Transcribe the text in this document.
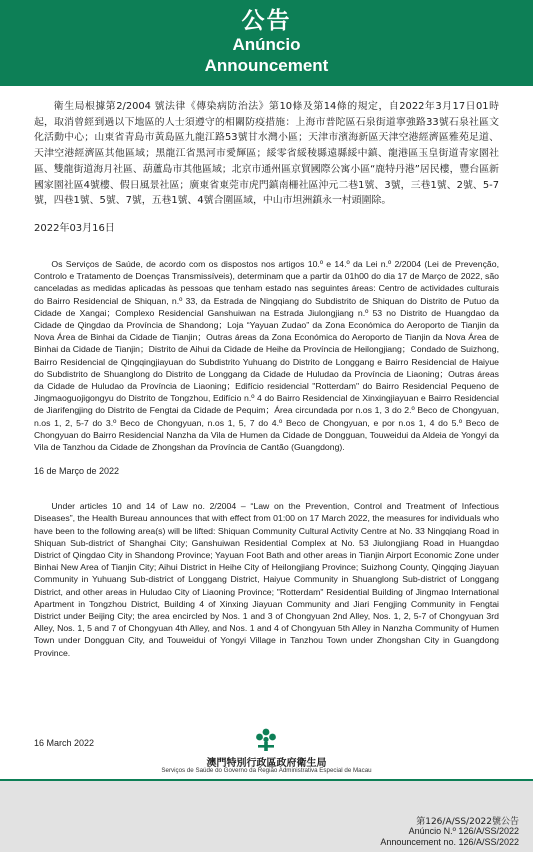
公告
Anúncio
Announcement

衛生局根據第2/2004 號法律《傳染病防治法》第10條及第14條的規定，自2022年3月17日01時起，取消曾經到過以下地區的人士須遵守的相關防疫措施：上海市普陀區石泉街道寧強路33號石泉社區文化活動中心；山東省青島市黃島區九龍江路53號甘水灣小區；天津市濱海新區天津空港經濟區雅苑足道、天津空港經濟區其他區域；黑龍江省黑河市愛輝區；綏零省綏稜縣遠縣綏中鎮、龍港區玉皇街道青家園社區、雙龍街道海月社區、葫蘆島市其他區域；北京市通州區京貿國際公寓小區“鹿特丹港”居民樓，豐台區新國家園社區4號樓、假日風景社區；廣東省東莞市虎門鎮南柵社區沖元二巷1號、3號，三巷1號、2號、5-7號，四巷1號、5號、7號，五巷1號、4號合圍區域，中山市坦洲鎮永一村頭圍除。

2022年03月16日

Os Serviços de Saúde, de acordo com os dispostos nos artigos 10.º e 14.º da Lei n.º 2/2004 (Lei de Prevenção, Controlo e Tratamento de Doenças Transmissíveis), determinam que a partir da 01h00 do dia 17 de Março de 2022, são canceladas as medidas aplicadas às pessoas que tenham estado nas seguintes áreas: Centro de actividades culturais do Bairro Residencial de Shiquan, n.º 33, da Estrada de Ningqiang do Subdistrito de Shiquan do Distrito de Putuo da Cidade de Xangai；Complexo Residencial Ganshuiwan na Estrada Jiulongjiang n.º 53 no Distrito de Huangdao da Cidade de Qingdao da Província de Shandong；Loja “Yayuan Zudao” da Zona Económica do Aeroporto de Tianjin da Nova Área de Binhai da Cidade de Tianjin；Outras áreas da Zona Económica do Aeroporto de Tianjin da Nova Área de Binhai da Cidade de Tianjin；Distrito de Aihui da Cidade de Heihe da Província de Heilongjiang；Condado de Suizhong, Bairro Residencial de Qingqingjiayuan do Subdistrito Yuhuang do Distrito de Longgang e Bairro Residencial de Haiyue do Subdistrito de Shuanglong do Distrito de Longgang da Cidade de Huludao da Província de Liaoning；Outras áreas da Cidade de Huludao da Província de Liaoning；Edifício residencial "Rotterdam" do Bairro Residencial Pequeno de Jingmaoguojigongyu do Distrito de Tongzhou, Edifício n.º 4 do Bairro Residencial de Xinxingjiayuan e Bairro Residencial de Jiarifengjing do Distrito de Fengtai da Cidade de Pequim；Área circundada por n.os 1, 3 do 2.º Beco de Chongyuan, n.os 1, 2, 5-7 do 3.º Beco de Chongyuan, n.os 1, 5, 7 do 4.º Beco de Chongyuan, e por n.os 1, 4 do 5.º Beco de Chongyuan do Bairro Residencial Nanzha da Vila de Humen da Cidade de Dongguan, Touweidui da Aldeia de Yongyi da Vila de Tanzhou da Cidade de Zhongshan da Província de Cantão (Guangdong).

16 de Março de 2022

Under articles 10 and 14 of Law no. 2/2004 – “Law on the Prevention, Control and Treatment of Infectious Diseases”, the Health Bureau announces that with effect from 01:00 on 17 March 2022, the measures for individuals who have been to the following area(s) will be lifted: Shiquan Community Cultural Activity Centre at No. 33 Ningqiang Road in Shiquan Sub-district of Shanghai City; Ganshuiwan Residential Complex at No. 53 Jiulongjiang Road in Huangdao District of Qingdao City in Shandong Province; Yayuan Foot Bath and other areas in Tianjin Airport Economic Zone under Binhai New Area of Tianjin City; Aihui District in Heihe City of Heilongjiang Province; Suizhong County, Qingqing Jiayuan Community in Yuhuang Sub-district of Longgang District, Haiyue Community in Shuanglong Sub-district of Longgang District, and other areas in Huludao City of Liaoning Province; "Rotterdam" Residential Building of Jingmao International Apartment in Tongzhou District, Building 4 of Xinxing Jiayuan Community and Jiari Fengjing Community in Fengtai District under Beijing City; the area encircled by Nos. 1 and 3 of Chongyuan 2nd Alley, Nos. 1, 2, 5-7 of Chongyuan 3rd Alley, Nos. 1, 5 and 7 of Chongyuan 4th Alley, and Nos. 1 and 4 of Chongyuan 5th Alley in Nanzha Community of Humen Town under Dongguan City, and Touweidui of Yongyi Village in Tanzhou Town under Zhongshan City in Guangdong Province.

16 March 2022
澳門特別行政區政府衛生局
Serviços de Saúde do Governo da Região Administrativa Especial de Macau
第126/A/SS/2022號公告
Anúncio N.º 126/A/SS/2022
Announcement no. 126/A/SS/2022
